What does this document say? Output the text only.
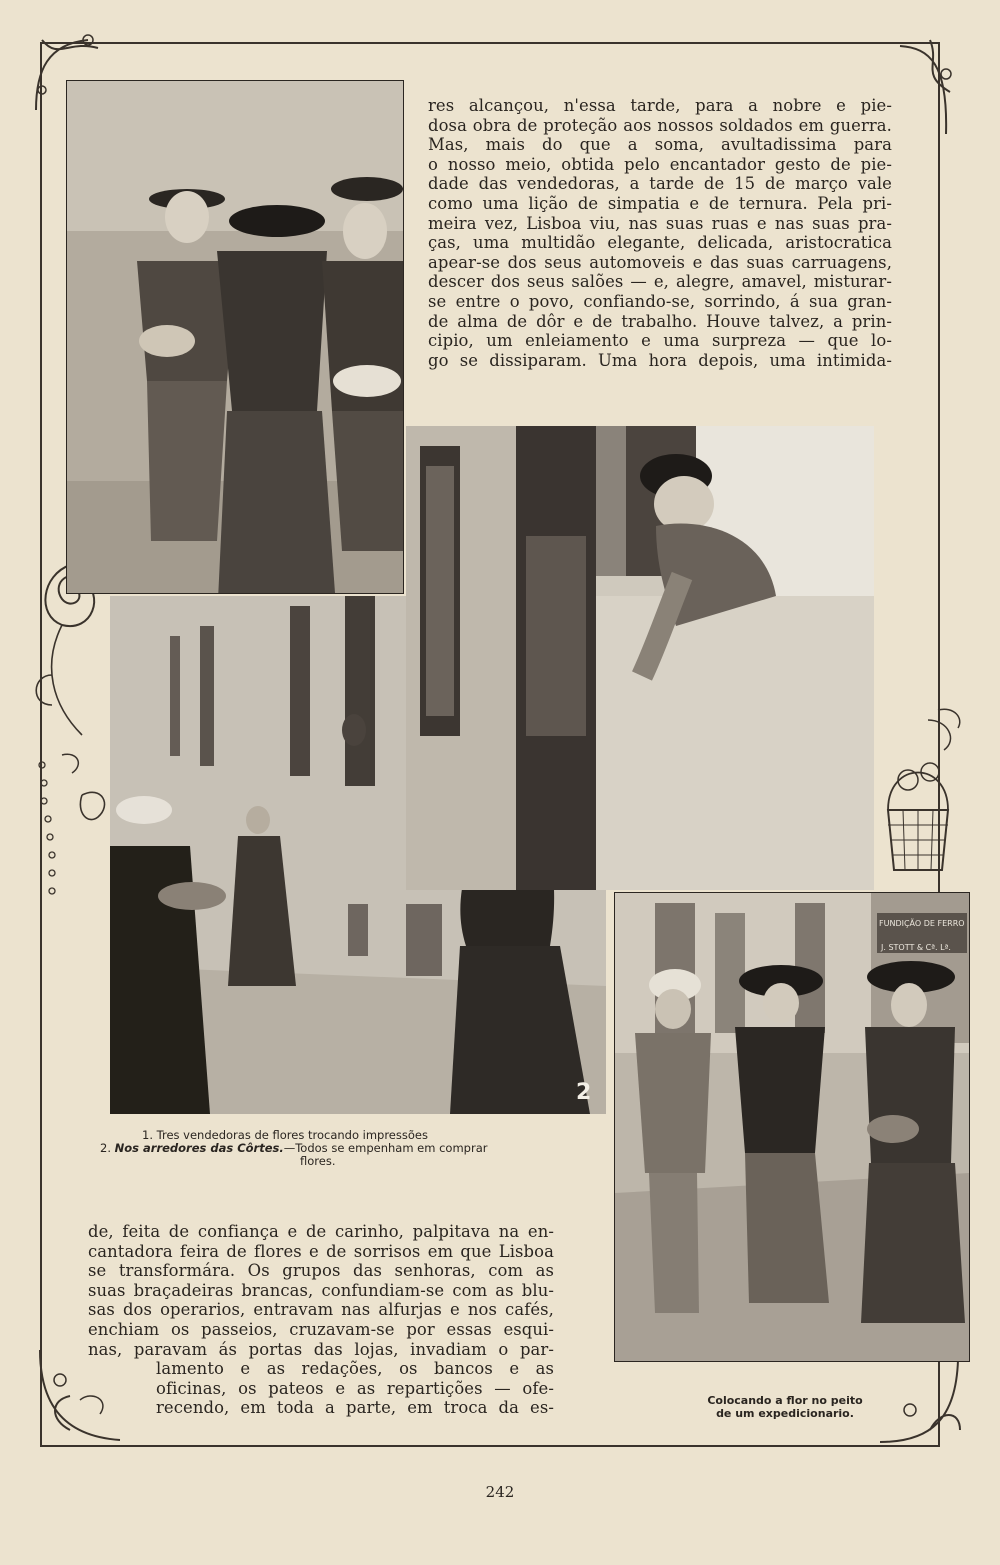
2
FUNDIÇÃO DE FERRO
J. STOTT & Cª. Lª.
res alcançou, n'essa tarde, para a nobre e pie-
dosa obra de proteção aos nossos soldados em guerra.
Mas, mais do que a soma, avultadissima para
o nosso meio, obtida pelo encantador gesto de pie-
dade das vendedoras, a tarde de 15 de março vale
como uma lição de simpatia e de ternura. Pela pri-
meira vez, Lisboa viu, nas suas ruas e nas suas pra-
ças, uma multidão elegante, delicada, aristocratica
apear-se dos seus automoveis e das suas carruagens,
descer dos seus salões — e, alegre, amavel, misturar-
se entre o povo, confiando-se, sorrindo, á sua gran-
de alma de dôr e de trabalho. Houve talvez, a prin-
cipio, um enleiamento e uma surpreza — que lo-
go se dissiparam. Uma hora depois, uma intimida-
de, feita de confiança e de carinho, palpitava na en-
cantadora feira de flores e de sorrisos em que Lisboa
se transformára. Os grupos das senhoras, com as
suas braçadeiras brancas, confundiam-se com as blu-
sas dos operarios, entravam nas alfurjas e nos cafés,
enchiam os passeios, cruzavam-se por essas esqui-
nas, paravam ás portas das lojas, invadiam o par-
lamento e as redações, os bancos e as
oficinas, os pateos e as repartições — ofe-
recendo, em toda a parte, em troca da es-
1. Tres vendedoras de flores trocando impressões
2. Nos arredores das Côrtes.—Todos se empenham em comprar
flores.
Colocando a flor no peito
de um expedicionario.
242
